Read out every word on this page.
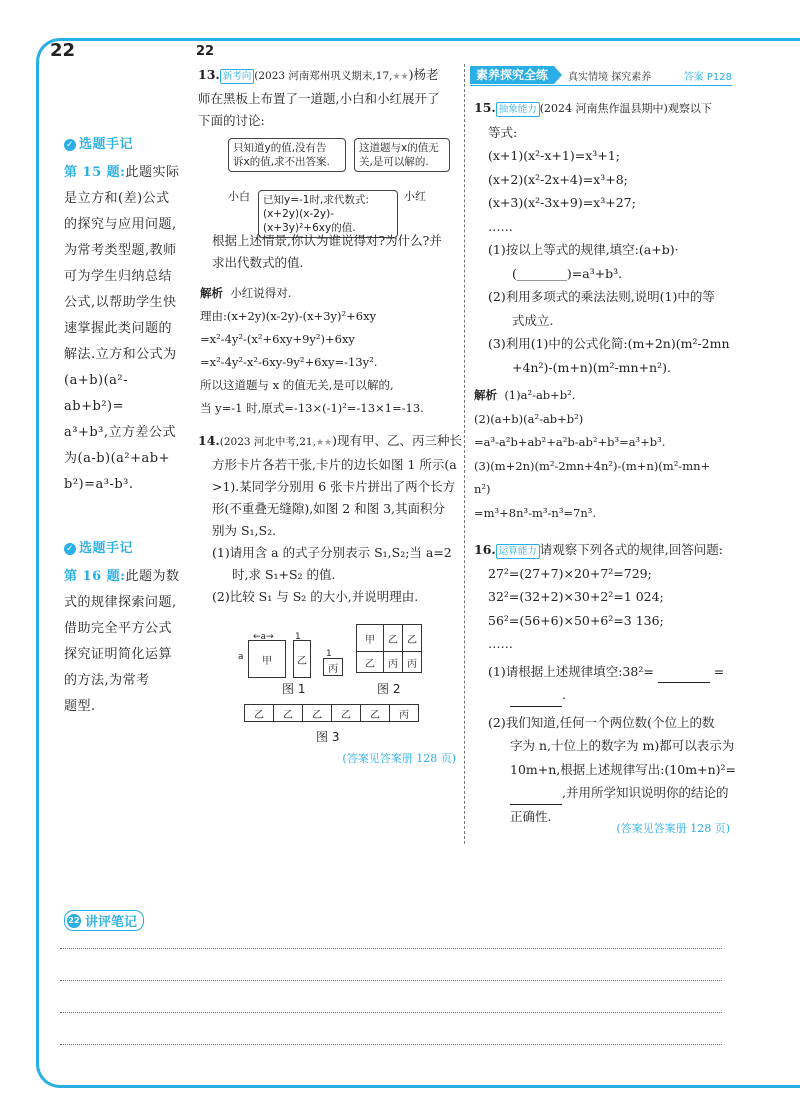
22	22
✓ 选题手记
第 15 题:此题实际
是立方和(差)公式
的探究与应用问题,
为常考类型题,教师
可为学生归纳总结
公式,以帮助学生快
速掌握此类问题的
解法.立方和公式为
(a+b)(a²-ab+b²)=
a³+b³,立方差公式
为(a-b)(a²+ab+
b²)=a³-b³.
✓ 选题手记
第 16 题:此题为数
式的规律探索问题,
借助完全平方公式
探究证明简化运算
的方法,为常考
题型.
13. 新考向 (2023 河南郑州巩义期末,17,★★)杨老
师在黑板上布置了一道题,小白和小红展开了
下面的讨论:
只知道y的值,没有告
诉x的值,求不出答案.
这道题与x的值无
关,是可以解的.
小白 已知y=-1时,求代数式:
(x+2y)(x-2y)-(x+3y)²+6xy的值.
小红
根据上述情景,你认为谁说得对?为什么?并
求出代数式的值.
解析 小红说得对.
理由:(x+2y)(x-2y)-(x+3y)²+6xy
=x²-4y²-(x²+6xy+9y²)+6xy
=x²-4y²-x²-6xy-9y²+6xy=-13y².
所以这道题与 x 的值无关,是可以解的,
当 y=-1 时,原式=-13×(-1)²=-13×1=-13.
14.(2023 河北中考,21,★★)现有甲、乙、丙三种长
方形卡片各若干张,卡片的边长如图 1 所示(a
>1).某同学分别用 6 张卡片拼出了两个长方
形(不重叠无缝隙),如图 2 和图 3,其面积分
别为 S₁,S₂.
(1)请用含 a 的式子分别表示 S₁,S₂;当 a=2
时,求 S₁+S₂ 的值.
(2)比较 S₁ 与 S₂ 的大小,并说明理由.
←a→
a	甲
1
乙
1
丙
图 1
甲	乙 乙
乙	丙 丙
图 2
乙	乙	乙	乙	乙	丙
图 3
(答案见答案册 128 页)
素养探究全练	真实情境 探究素养	答案 P128
15. 抽象能力 (2024 河南焦作温县期中)观察以下
等式:
(x+1)(x²-x+1)=x³+1;
(x+2)(x²-2x+4)=x³+8;
(x+3)(x²-3x+9)=x³+27;
……
(1)按以上等式的规律,填空:(a+b)·
(________)=a³+b³.
(2)利用多项式的乘法法则,说明(1)中的等
式成立.
(3)利用(1)中的公式化简:(m+2n)(m²-2mn
+4n²)-(m+n)(m²-mn+n²).
解析 (1)a²-ab+b².
(2)(a+b)(a²-ab+b²)
=a³-a²b+ab²+a²b-ab²+b³=a³+b³.
(3)(m+2n)(m²-2mn+4n²)-(m+n)(m²-mn+
n²)
=m³+8n³-m³-n³=7n³.
16. 运算能力 请观察下列各式的规律,回答问题:
27²=(27+7)×20+7²=729;
32²=(32+2)×30+2²=1 024;
56²=(56+6)×50+6²=3 136;
……
(1)请根据上述规律填空:38²=	=
.
(2)我们知道,任何一个两位数(个位上的数
字为 n,十位上的数字为 m)都可以表示为
10m+n,根据上述规律写出:(10m+n)²=
,并用所学知识说明你的结论的
正确性.
(答案见答案册 128 页)
22 讲评笔记
